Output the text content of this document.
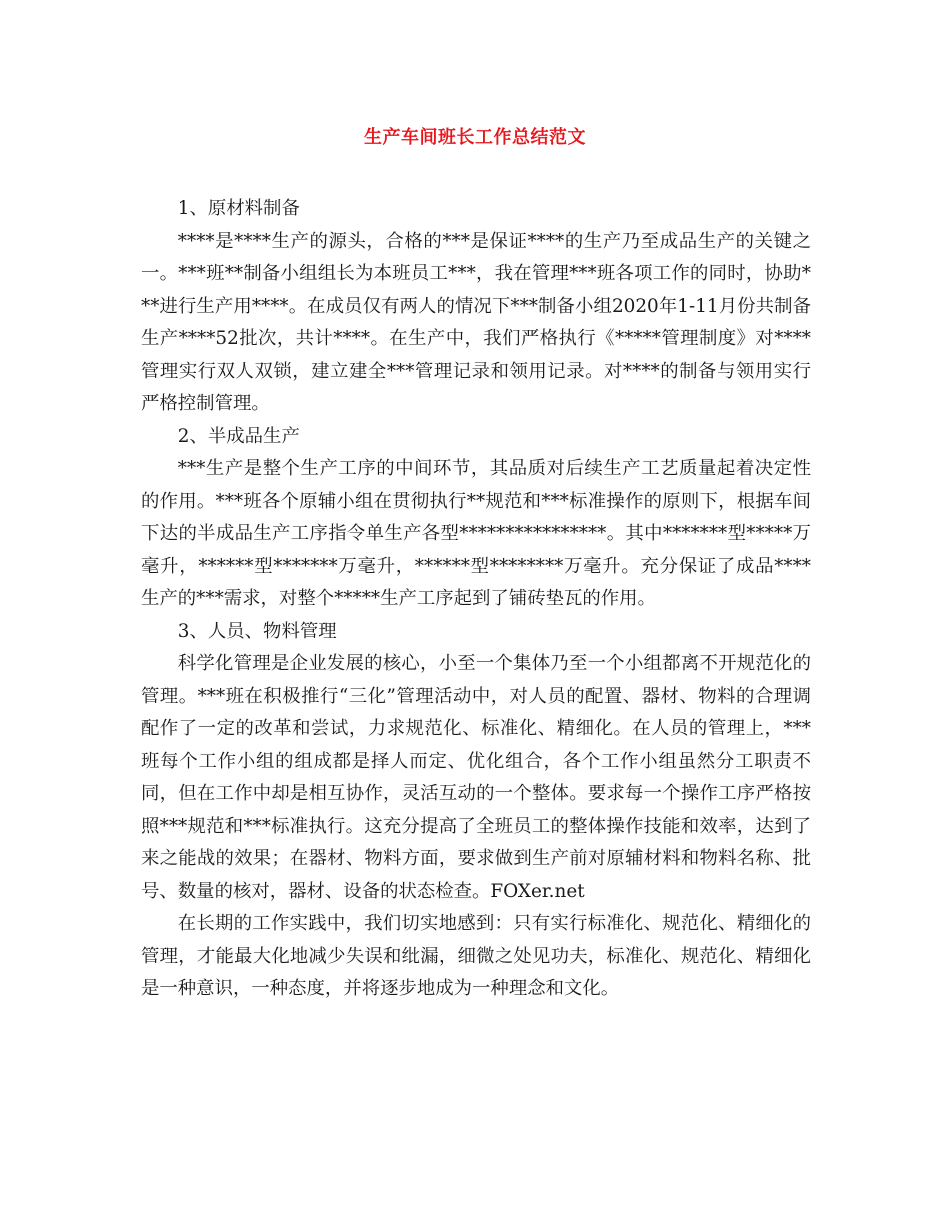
生产车间班长工作总结范文

1、原材料制备

****是****生产的源头，合格的***是保证****的生产乃至成品生产的关键之一。***班**制备小组组长为本班员工***，我在管理***班各项工作的同时，协助***进行生产用****。在成员仅有两人的情况下***制备小组2020年1-11月份共制备生产****52批次，共计****。在生产中，我们严格执行《*****管理制度》对****管理实行双人双锁，建立建全***管理记录和领用记录。对****的制备与领用实行严格控制管理。

2、半成品生产

***生产是整个生产工序的中间环节，其品质对后续生产工艺质量起着决定性的作用。***班各个原辅小组在贯彻执行**规范和***标准操作的原则下，根据车间下达的半成品生产工序指令单生产各型****************。其中*******型*****万毫升，******型*******万毫升，******型********万毫升。充分保证了成品****生产的***需求，对整个*****生产工序起到了铺砖垫瓦的作用。

3、人员、物料管理

科学化管理是企业发展的核心，小至一个集体乃至一个小组都离不开规范化的管理。***班在积极推行“三化”管理活动中，对人员的配置、器材、物料的合理调配作了一定的改革和尝试，力求规范化、标准化、精细化。在人员的管理上，***班每个工作小组的组成都是择人而定、优化组合，各个工作小组虽然分工职责不同，但在工作中却是相互协作，灵活互动的一个整体。要求每一个操作工序严格按照***规范和***标准执行。这充分提高了全班员工的整体操作技能和效率，达到了来之能战的效果；在器材、物料方面，要求做到生产前对原辅材料和物料名称、批号、数量的核对，器材、设备的状态检查。FOXer.net

在长期的工作实践中，我们切实地感到：只有实行标准化、规范化、精细化的管理，才能最大化地减少失误和纰漏，细微之处见功夫，标准化、规范化、精细化是一种意识，一种态度，并将逐步地成为一种理念和文化。
